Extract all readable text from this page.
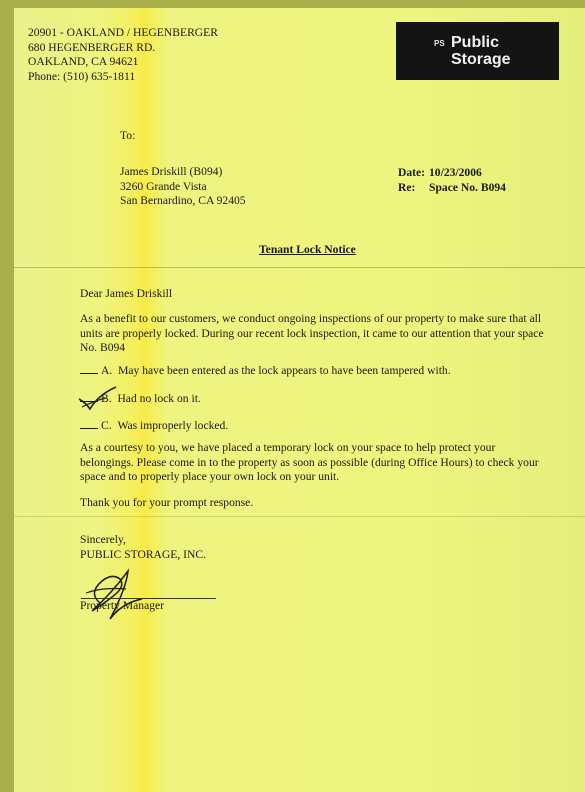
20901 - OAKLAND / HEGENBERGER
680 HEGENBERGER RD.
OAKLAND, CA 94621
Phone: (510) 635-1811
PS Public
Storage
To:
James Driskill (B094)
3260 Grande Vista
San Bernardino, CA 92405
Date: 10/23/2006
Re: Space No. B094
Tenant Lock Notice
Dear James Driskill
As a benefit to our customers, we conduct ongoing inspections of our property to make sure that all
units are properly locked. During our recent lock inspection, it came to our attention that your space
No. B094
A. May have been entered as the lock appears to have been tampered with.
B. Had no lock on it.
C. Was improperly locked.
As a courtesy to you, we have placed a temporary lock on your space to help protect your
belongings. Please come in to the property as soon as possible (during Office Hours) to check your
space and to properly place your own lock on your unit.
Thank you for your prompt response.
Sincerely,
PUBLIC STORAGE, INC.
Property Manager
